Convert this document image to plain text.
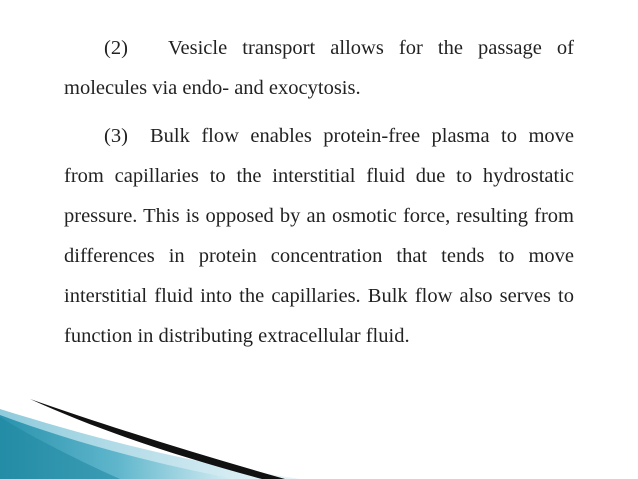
(2) Vesicle transport allows for the passage of molecules via endo- and exocytosis.

(3) Bulk flow enables protein-free plasma to move from capillaries to the interstitial fluid due to hydrostatic pressure. This is opposed by an osmotic force, resulting from differences in protein concentration that tends to move interstitial fluid into the capillaries. Bulk flow also serves to function in distributing extracellular fluid.
